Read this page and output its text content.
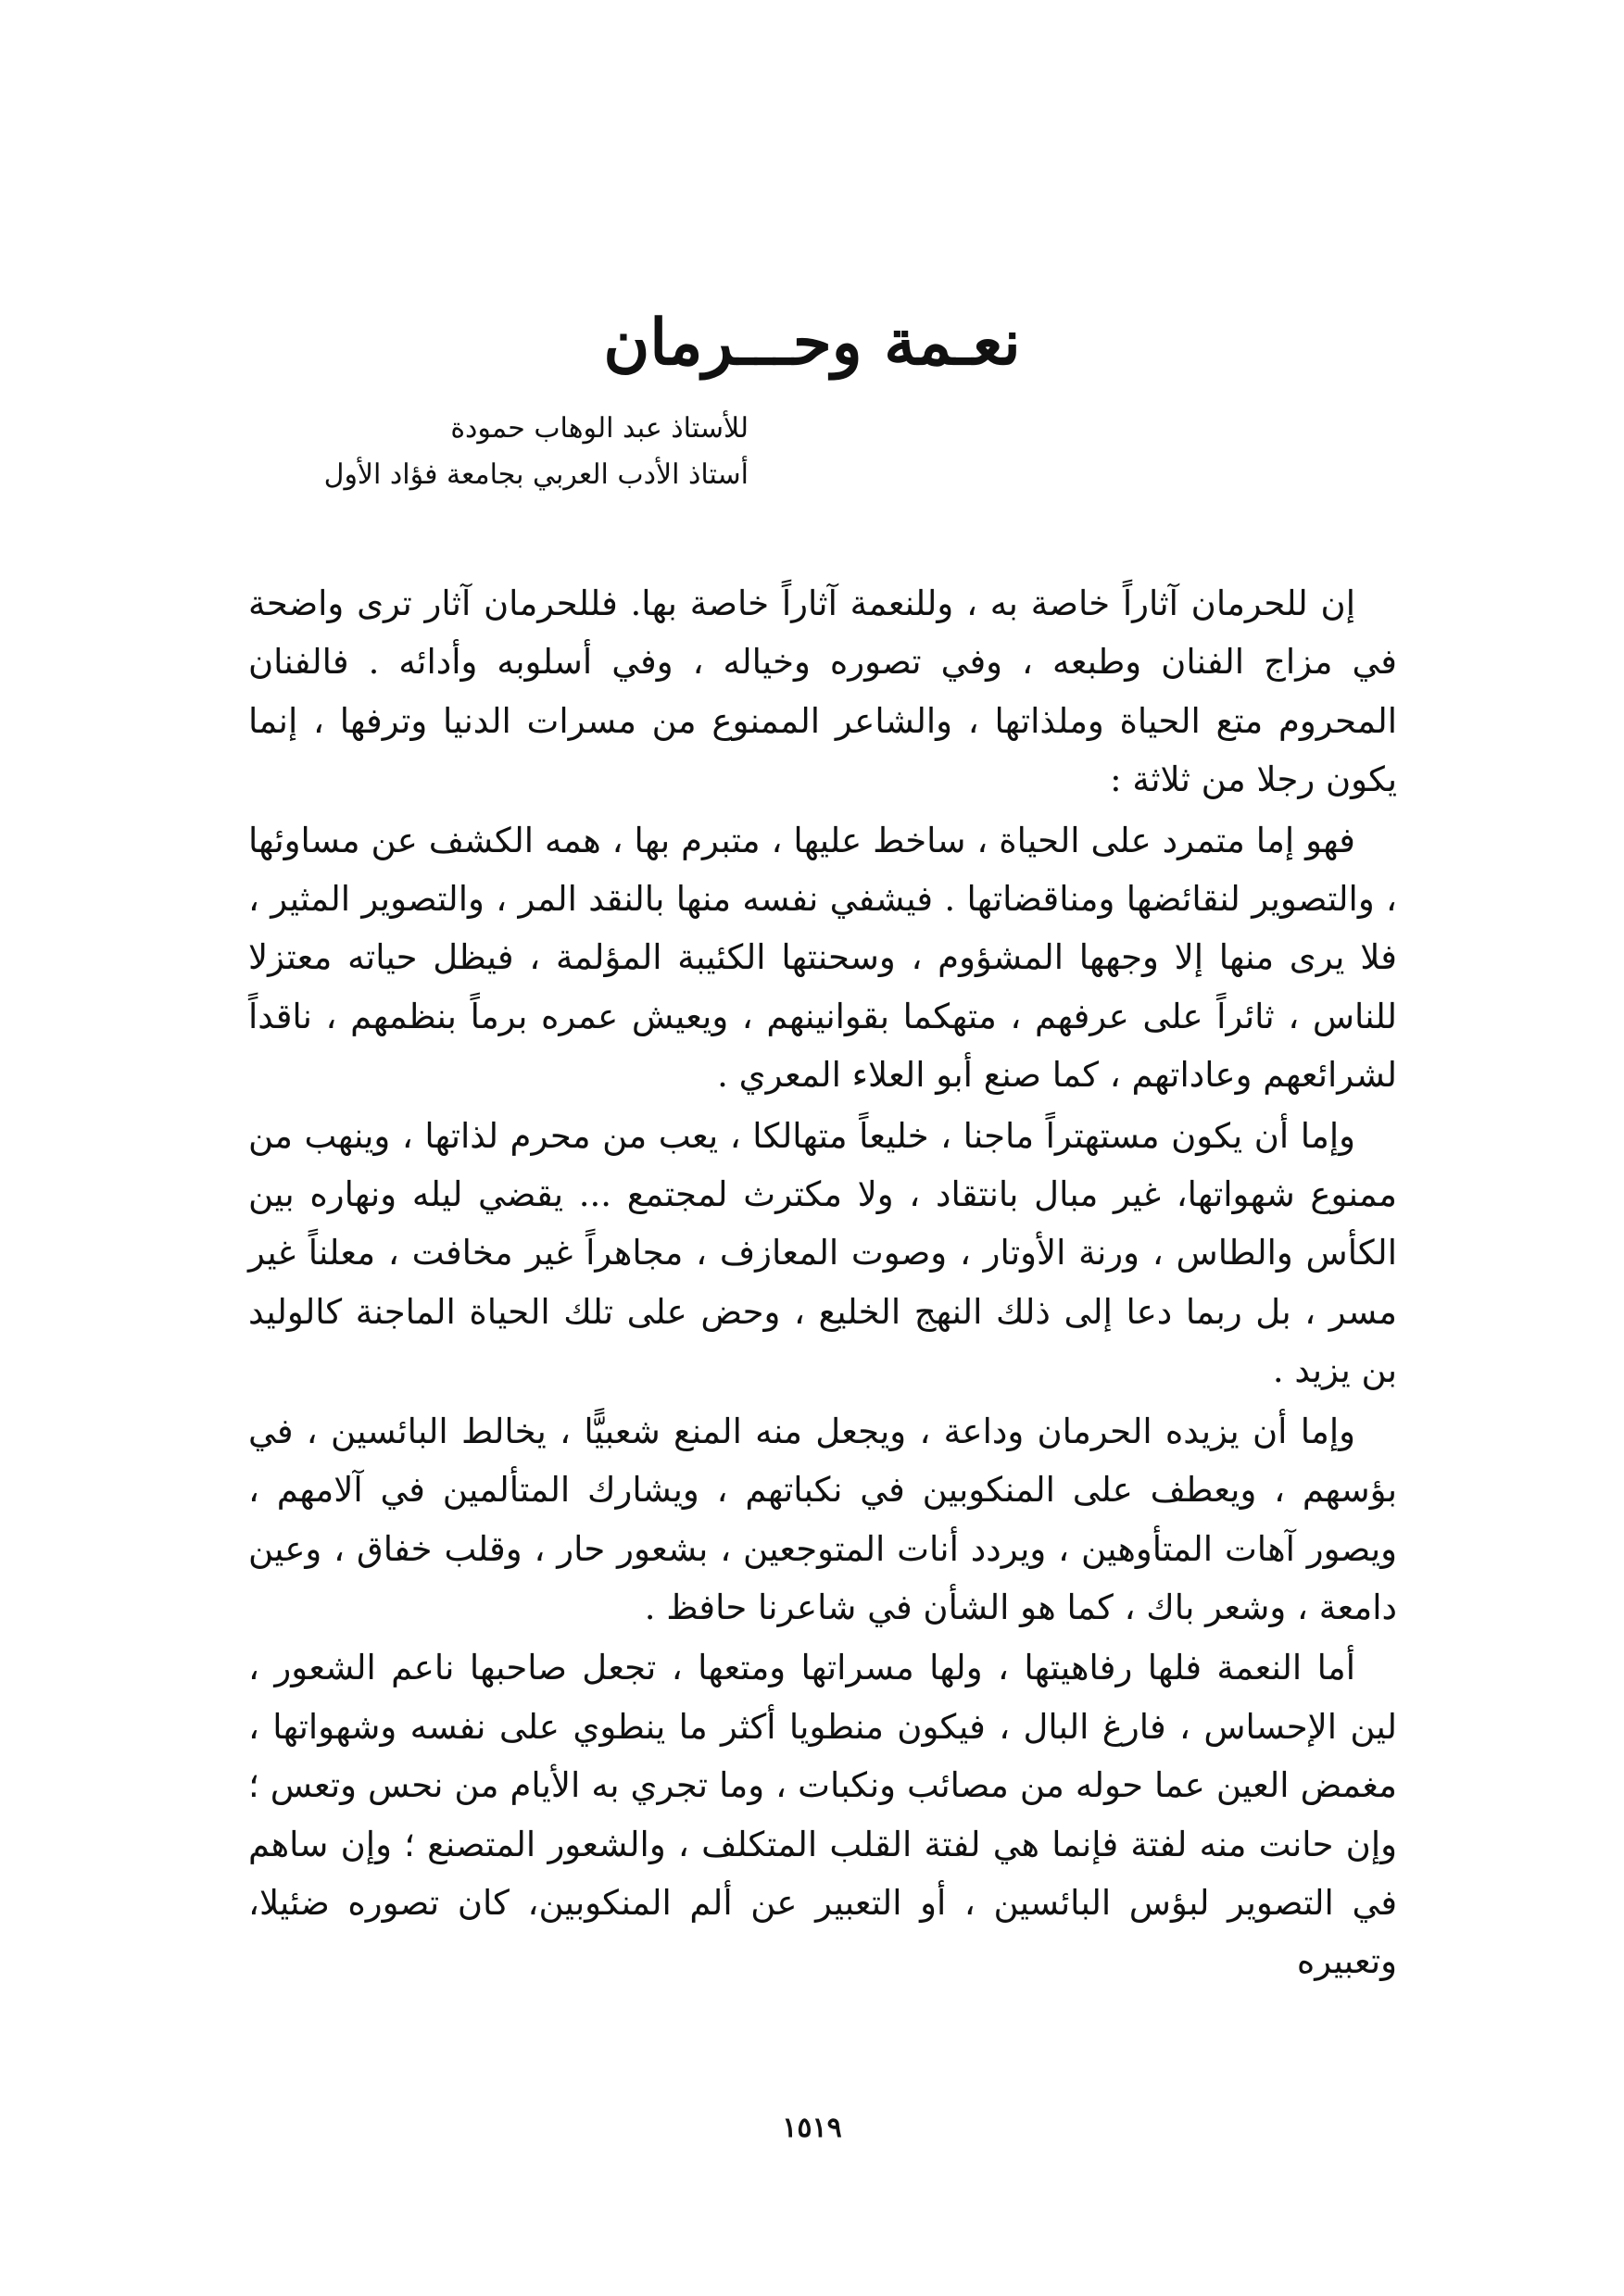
نعـمة وحـــرمان
للأستاذ عبد الوهاب حمودة
أستاذ الأدب العربي بجامعة فؤاد الأول

إن للحرمان آثاراً خاصة به ، وللنعمة آثاراً خاصة بها. فللحرمان آثار ترى واضحة في مزاج الفنان وطبعه ، وفي تصوره وخياله ، وفي أسلوبه وأدائه . فالفنان المحروم متع الحياة وملذاتها ، والشاعر الممنوع من مسرات الدنيا وترفها ، إنما يكون رجلا من ثلاثة :

فهو إما متمرد على الحياة ، ساخط عليها ، متبرم بها ، همه الكشف عن مساوئها ، والتصوير لنقائضها ومناقضاتها . فيشفي نفسه منها بالنقد المر ، والتصوير المثير ، فلا يرى منها إلا وجهها المشؤوم ، وسحنتها الكئيبة المؤلمة ، فيظل حياته معتزلا للناس ، ثائراً على عرفهم ، متهكما بقوانينهم ، ويعيش عمره برماً بنظمهم ، ناقداً لشرائعهم وعاداتهم ، كما صنع أبو العلاء المعري .

وإما أن يكون مستهتراً ماجنا ، خليعاً متهالكا ، يعب من محرم لذاتها ، وينهب من ممنوع شهواتها، غير مبال بانتقاد ، ولا مكترث لمجتمع ... يقضي ليله ونهاره بين الكأس والطاس ، ورنة الأوتار ، وصوت المعازف ، مجاهراً غير مخافت ، معلناً غير مسر ، بل ربما دعا إلى ذلك النهج الخليع ، وحض على تلك الحياة الماجنة كالوليد بن يزيد .

وإما أن يزيده الحرمان وداعة ، ويجعل منه المنع شعبيًّا ، يخالط البائسين ، في بؤسهم ، ويعطف على المنكوبين في نكباتهم ، ويشارك المتألمين في آلامهم ، ويصور آهات المتأوهين ، ويردد أنات المتوجعين ، بشعور حار ، وقلب خفاق ، وعين دامعة ، وشعر باك ، كما هو الشأن في شاعرنا حافظ .

أما النعمة فلها رفاهيتها ، ولها مسراتها ومتعها ، تجعل صاحبها ناعم الشعور ، لين الإحساس ، فارغ البال ، فيكون منطويا أكثر ما ينطوي على نفسه وشهواتها ، مغمض العين عما حوله من مصائب ونكبات ، وما تجري به الأيام من نحس وتعس ؛ وإن حانت منه لفتة فإنما هي لفتة القلب المتكلف ، والشعور المتصنع ؛ وإن ساهم في التصوير لبؤس البائسين ، أو التعبير عن ألم المنكوبين، كان تصوره ضئيلا، وتعبيره

١٥١٩
